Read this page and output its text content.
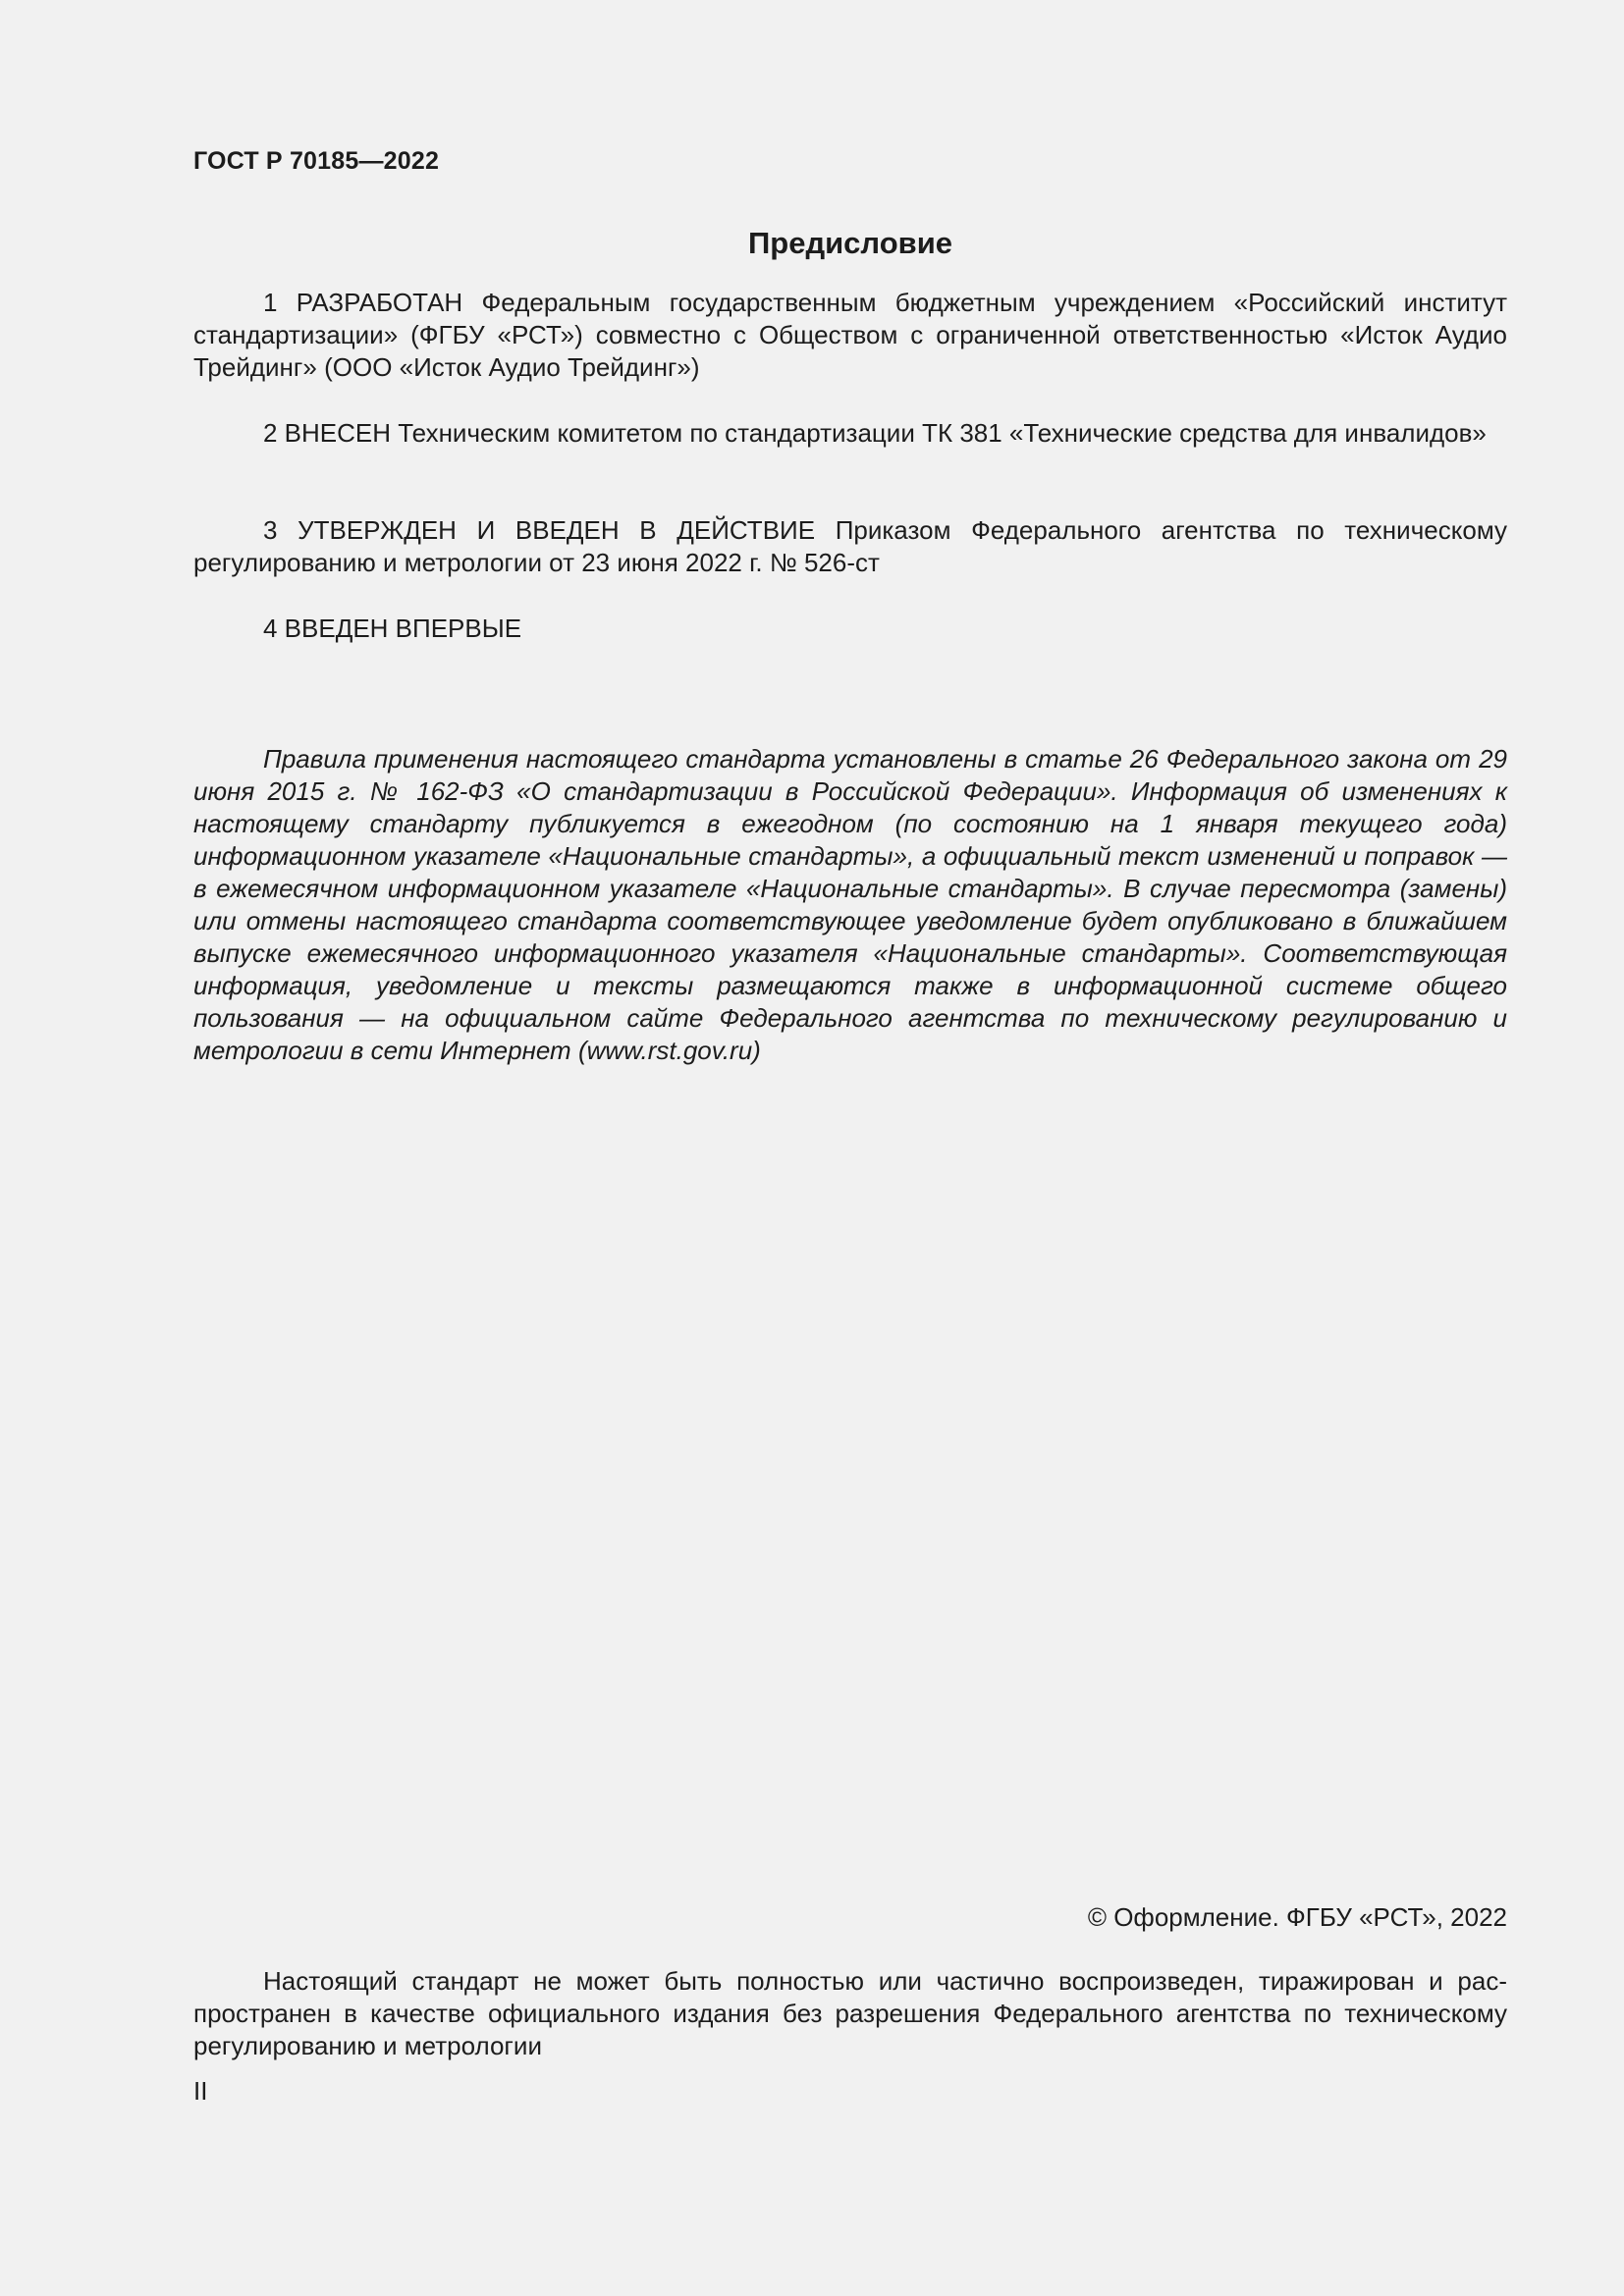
ГОСТ Р 70185—2022
Предисловие

1 РАЗРАБОТАН Федеральным государственным бюджетным учреждением «Российский институт стандартизации» (ФГБУ «РСТ») совместно с Обществом с ограниченной ответственностью «Исток Аудио Трейдинг» (ООО «Исток Аудио Трейдинг»)

2 ВНЕСЕН Техническим комитетом по стандартизации ТК 381 «Технические средства для инвалидов»

3 УТВЕРЖДЕН И ВВЕДЕН В ДЕЙСТВИЕ Приказом Федерального агентства по техническому регулированию и метрологии от 23 июня 2022 г. № 526-ст

4 ВВЕДЕН ВПЕРВЫЕ

Правила применения настоящего стандарта установлены в статье 26 Федерального закона от 29 июня 2015 г. № 162-ФЗ «О стандартизации в Российской Федерации». Информация об изменениях к настоящему стандарту публикуется в ежегодном (по состоянию на 1 января текущего года) информационном указателе «Национальные стандарты», а официальный текст изменений и поправок — в ежемесячном информационном указателе «Национальные стандарты». В случае пересмотра (замены) или отмены настоящего стандарта соответствующее уведомление будет опубликовано в ближайшем выпуске ежемесячного информационного указателя «Национальные стандарты». Соответствующая информация, уведомление и тексты размещаются также в информационной системе общего пользования — на официальном сайте Федерального агентства по техническому регулированию и метрологии в сети Интернет (www.rst.gov.ru)

© Оформление. ФГБУ «РСТ», 2022

Настоящий стандарт не может быть полностью или частично воспроизведен, тиражирован и распространен в качестве официального издания без разрешения Федерального агентства по техническому регулированию и метрологии

II
